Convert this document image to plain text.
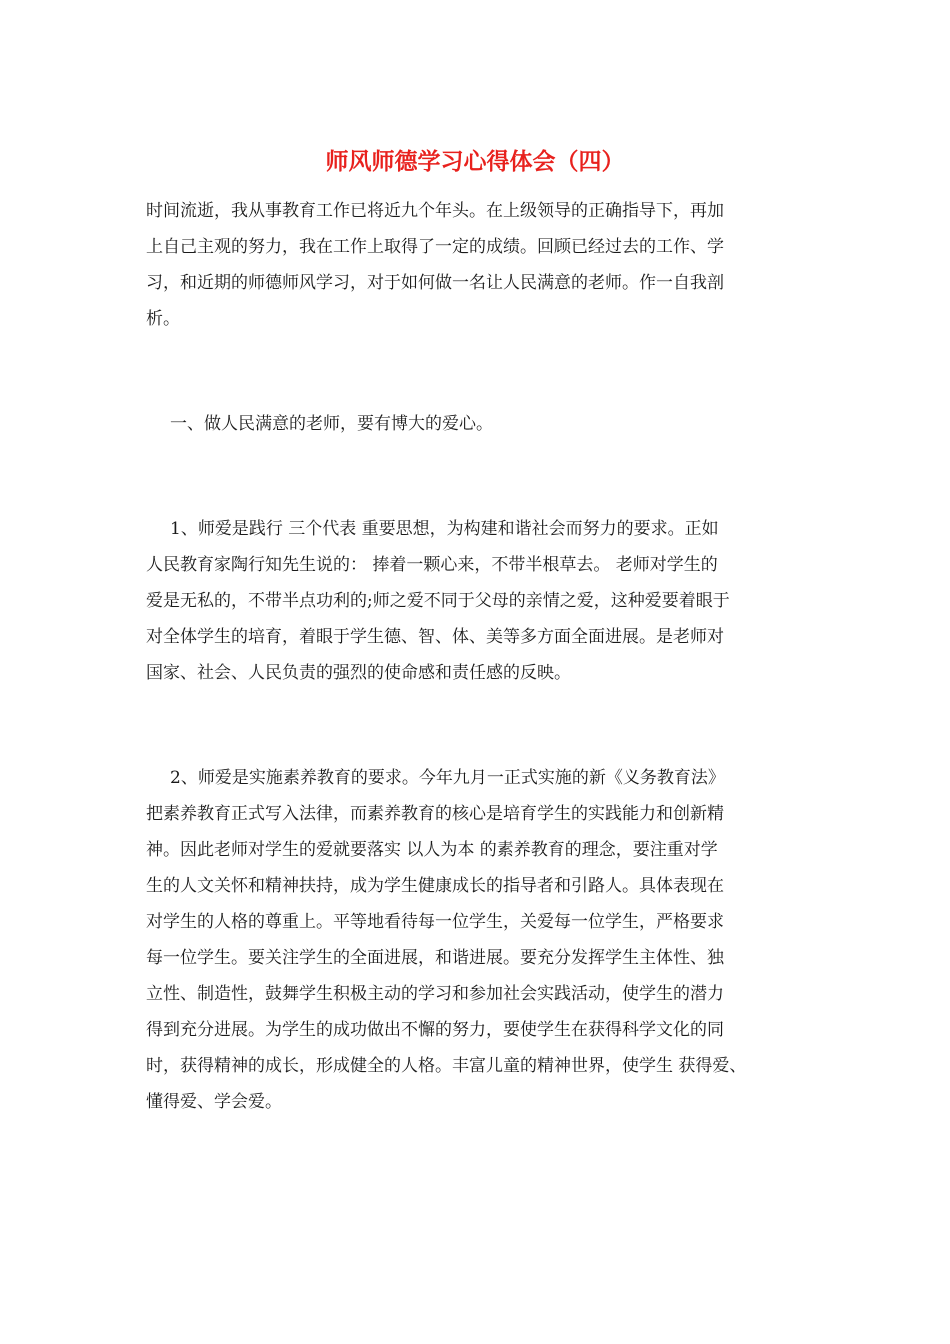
师风师德学习心得体会（四）
时间流逝，我从事教育工作已将近九个年头。在上级领导的正确指导下，再加
上自己主观的努力，我在工作上取得了一定的成绩。回顾已经过去的工作、学
习，和近期的师德师风学习，对于如何做一名让人民满意的老师。作一自我剖
析。
一、做人民满意的老师，要有博大的爱心。
1、师爱是践行 三个代表 重要思想，为构建和谐社会而努力的要求。正如
人民教育家陶行知先生说的： 捧着一颗心来，不带半根草去。 老师对学生的
爱是无私的，不带半点功利的;师之爱不同于父母的亲情之爱，这种爱要着眼于
对全体学生的培育，着眼于学生德、智、体、美等多方面全面进展。是老师对
国家、社会、人民负责的强烈的使命感和责任感的反映。
2、师爱是实施素养教育的要求。今年九月一正式实施的新《义务教育法》
把素养教育正式写入法律，而素养教育的核心是培育学生的实践能力和创新精
神。因此老师对学生的爱就要落实 以人为本 的素养教育的理念，要注重对学
生的人文关怀和精神扶持，成为学生健康成长的指导者和引路人。具体表现在
对学生的人格的尊重上。平等地看待每一位学生，关爱每一位学生，严格要求
每一位学生。要关注学生的全面进展，和谐进展。要充分发挥学生主体性、独
立性、制造性，鼓舞学生积极主动的学习和参加社会实践活动，使学生的潜力
得到充分进展。为学生的成功做出不懈的努力，要使学生在获得科学文化的同
时，获得精神的成长，形成健全的人格。丰富儿童的精神世界，使学生 获得爱、
懂得爱、学会爱。
